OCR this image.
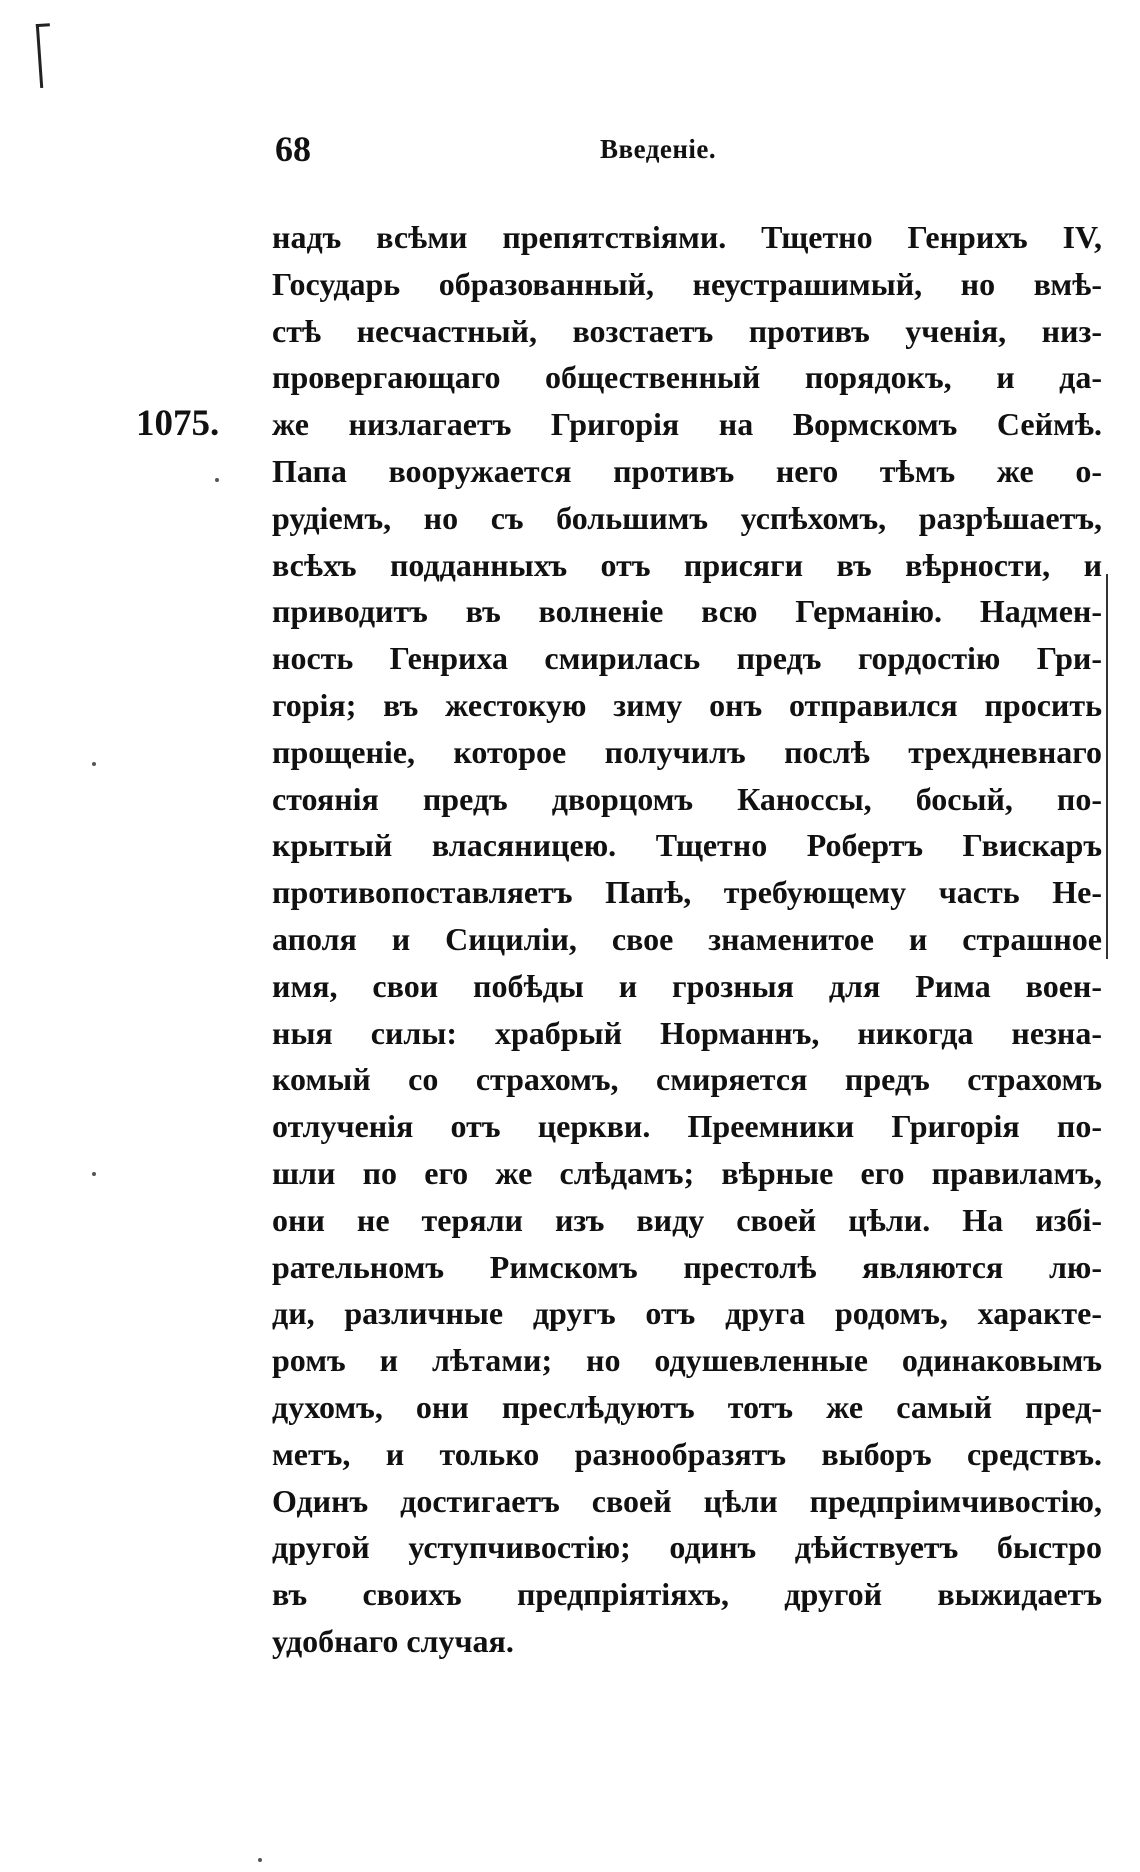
68	Введеніе.
1075.
надъ всѣми препятствіями. Тщетно Генрихъ IV,
Государь образованный, неустрашимый, но вмѣ-
стѣ несчастный, возстаетъ противъ ученія, низ-
провергающаго общественный порядокъ, и да-
же низлагаетъ Григорія на Вормскомъ Сеймѣ.
Папа вооружается противъ него тѣмъ же о-
рудіемъ, но съ большимъ успѣхомъ, разрѣшаетъ,
всѣхъ подданныхъ отъ присяги въ вѣрности, и
приводитъ въ волненіе всю Германію. Надмен-
ность Генриха смирилась предъ гордостію Гри-
горія; въ жестокую зиму онъ отправился просить
прощеніе, которое получилъ послѣ трехдневнаго
стоянія предъ дворцомъ Каноссы, босый, по-
крытый власяницею. Тщетно Робертъ Гвискаръ
противопоставляетъ Папѣ, требующему часть Не-
аполя и Сициліи, свое знаменитое и страшное
имя, свои побѣды и грозныя для Рима воен-
ныя силы: храбрый Норманнъ, никогда незна-
комый со страхомъ, смиряется предъ страхомъ
отлученія отъ церкви. Преемники Григорія по-
шли по его же слѣдамъ; вѣрные его правиламъ,
они не теряли изъ виду своей цѣли. На избі-
рательномъ Римскомъ престолѣ являются лю-
ди, различные другъ отъ друга родомъ, характе-
ромъ и лѣтами; но одушевленные одинаковымъ
духомъ, они преслѣдуютъ тотъ же самый пред-
метъ, и только разнообразятъ выборъ средствъ.
Одинъ достигаетъ своей цѣли предпріимчивостію,
другой уступчивостію; одинъ дѣйствуетъ быстро
въ своихъ предпріятіяхъ, другой выжидаетъ
удобнаго случая.
